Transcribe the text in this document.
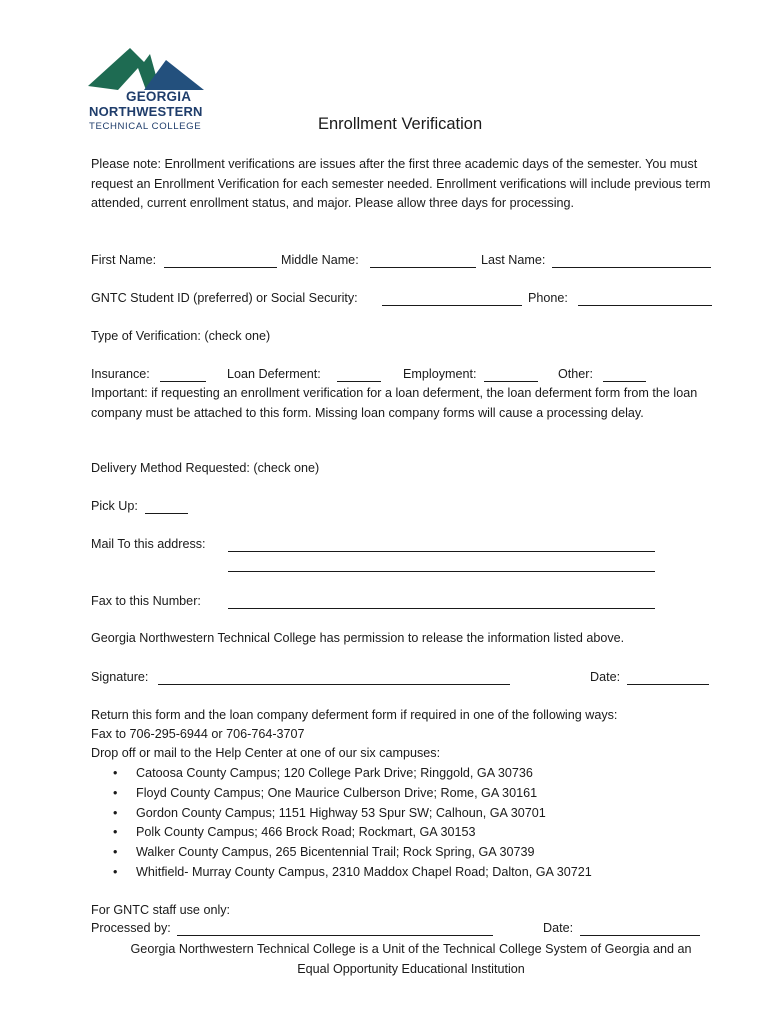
GEORGIA
NORTHWESTERN
TECHNICAL COLLEGE	Enrollment Verification
Please note: Enrollment verifications are issues after the first three academic days of the semester. You must request an Enrollment Verification for each semester needed. Enrollment verifications will include previous term attended, current enrollment status, and major. Please allow three days for processing.
First Name:	Middle Name:	Last Name:
GNTC Student ID (preferred) or Social Security:	Phone:
Type of Verification: (check one)
Insurance:	Loan Deferment:	Employment:	Other:
Important: if requesting an enrollment verification for a loan deferment, the loan deferment form from the loan company must be attached to this form. Missing loan company forms will cause a processing delay.
Delivery Method Requested: (check one)
Pick Up:
Mail To this address:
Fax to this Number:
Georgia Northwestern Technical College has permission to release the information listed above.
Signature:	Date:
Return this form and the loan company deferment form if required in one of the following ways:
Fax to 706-295-6944 or 706-764-3707
Drop off or mail to the Help Center at one of our six campuses:
• Catoosa County Campus; 120 College Park Drive; Ringgold, GA 30736
• Floyd County Campus; One Maurice Culberson Drive; Rome, GA 30161
• Gordon County Campus; 1151 Highway 53 Spur SW; Calhoun, GA 30701
• Polk County Campus; 466 Brock Road; Rockmart, GA 30153
• Walker County Campus, 265 Bicentennial Trail; Rock Spring, GA 30739
• Whitfield- Murray County Campus, 2310 Maddox Chapel Road; Dalton, GA 30721
For GNTC staff use only:
Processed by:	Date:
Georgia Northwestern Technical College is a Unit of the Technical College System of Georgia and an
Equal Opportunity Educational Institution
